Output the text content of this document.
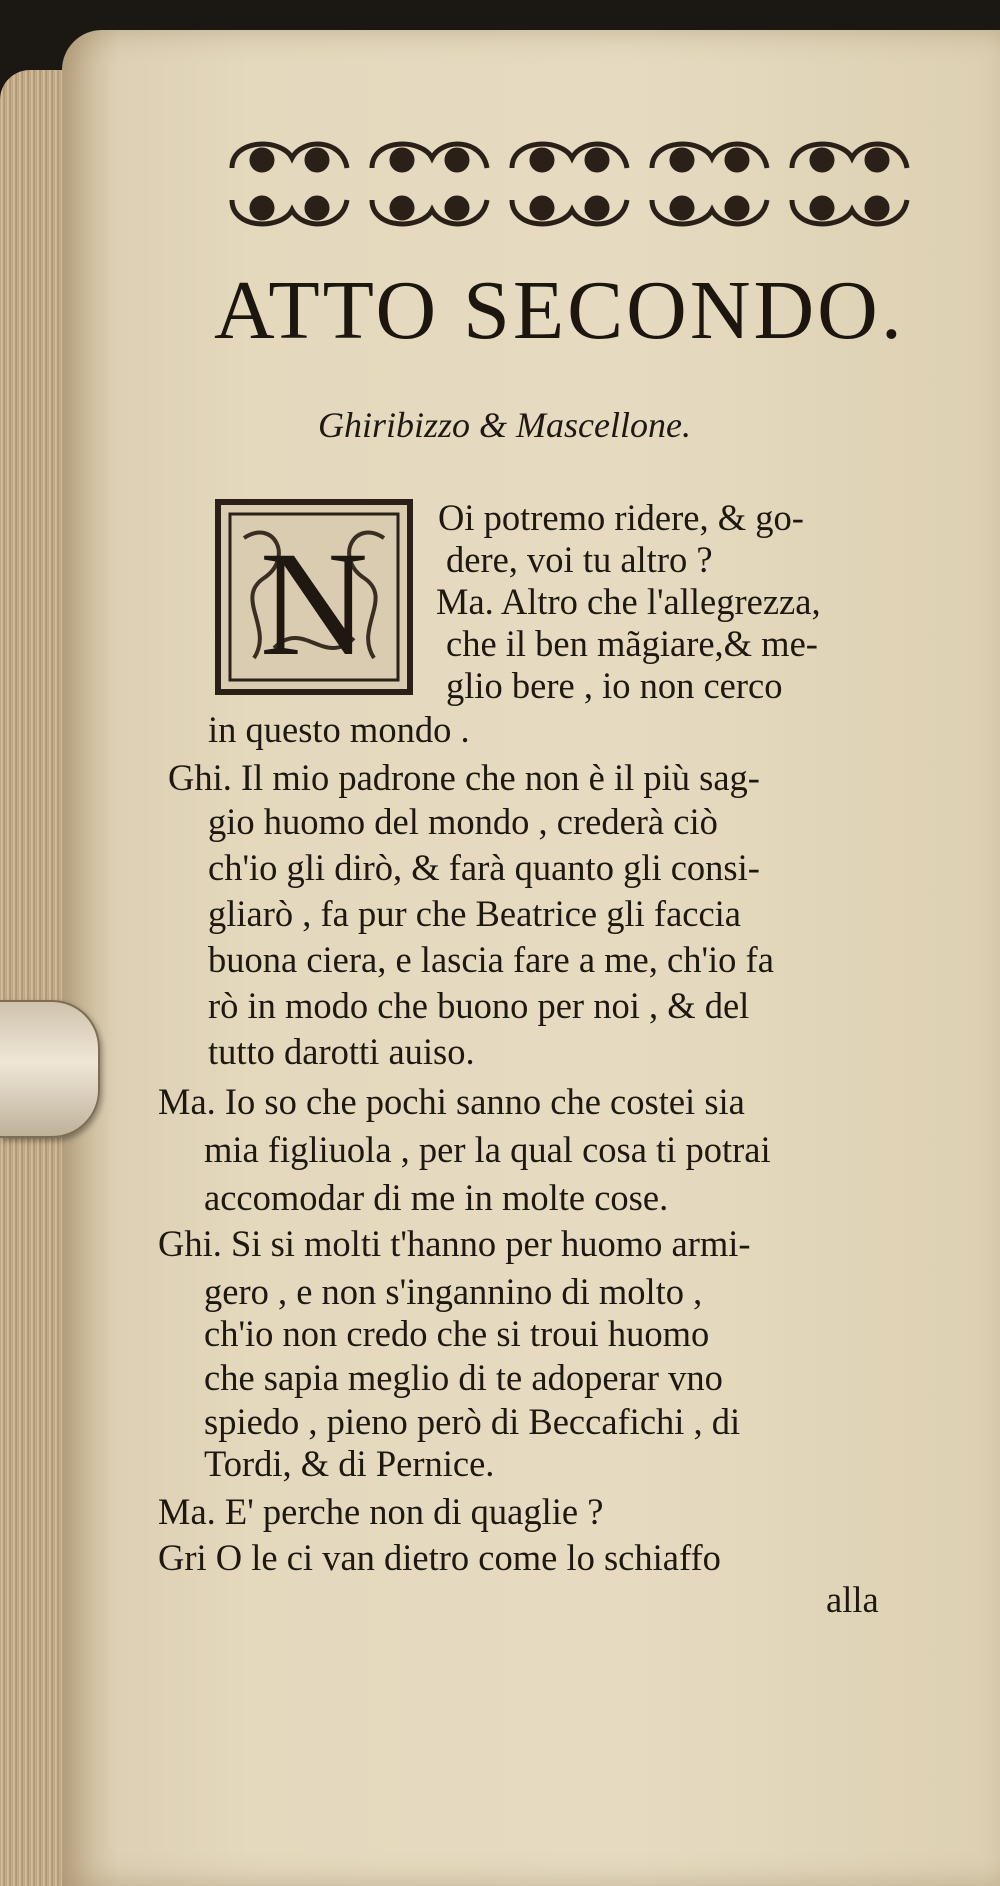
ATTO SECONDO.

Ghiribizzo & Mascellone.

N

Oi potremo ridere, & go-

dere, voi tu altro ?

Ma. Altro che l'allegrezza,

che il ben mãgiare,& me-

glio bere , io non cerco

in questo mondo .

Ghi. Il mio padrone che non è il più sag-

gio huomo del mondo , crederà ciò

ch'io gli dirò, & farà quanto gli consi-

gliarò , fa pur che Beatrice gli faccia

buona ciera, e lascia fare a me, ch'io fa

rò in modo che buono per noi , & del

tutto darotti auiso.

Ma. Io so che pochi sanno che costei sia

mia figliuola , per la qual cosa ti potrai

accomodar di me in molte cose.

Ghi. Si si molti t'hanno per huomo armi-

gero , e non s'ingannino di molto ,

ch'io non credo che si troui huomo

che sapia meglio di te adoperar vno

spiedo , pieno però di Beccafichi , di

Tordi, & di Pernice.

Ma. E' perche non di quaglie ?

Gri O le ci van dietro come lo schiaffo

alla
